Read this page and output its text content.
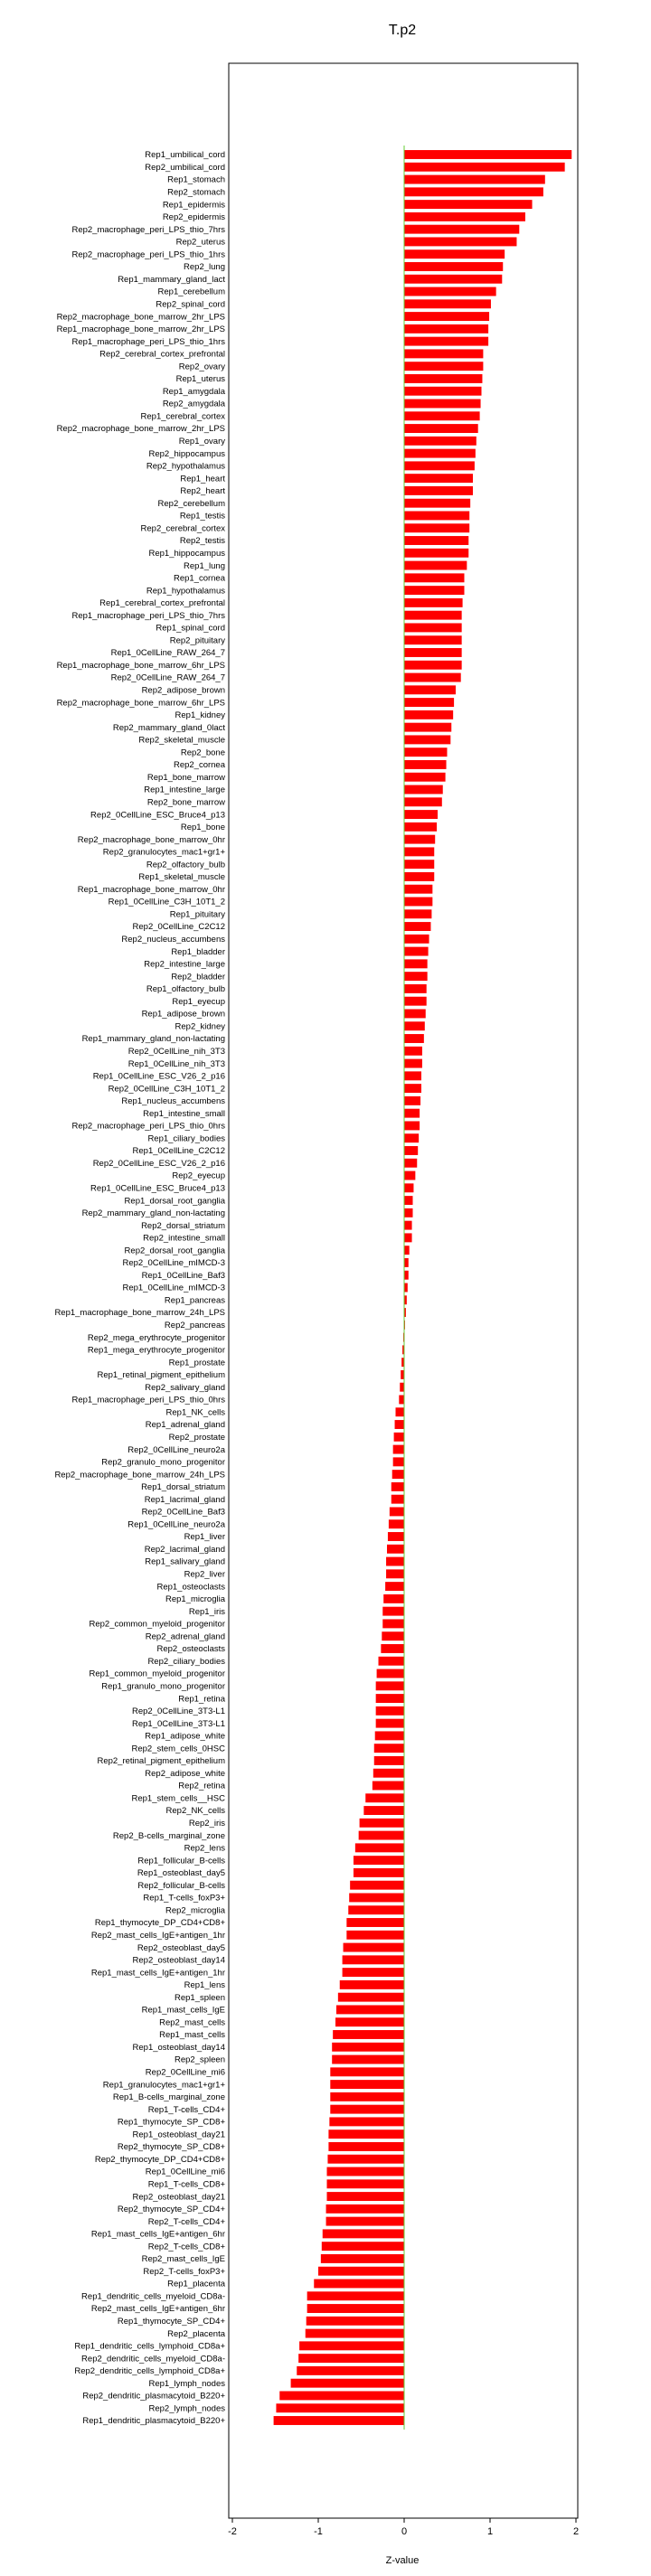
T.p2
Rep1_umbilical_cord
Rep2_umbilical_cord
Rep1_stomach
Rep2_stomach
Rep1_epidermis
Rep2_epidermis
Rep2_macrophage_peri_LPS_thio_7hrs
Rep2_uterus
Rep2_macrophage_peri_LPS_thio_1hrs
Rep2_lung
Rep1_mammary_gland_lact
Rep1_cerebellum
Rep2_spinal_cord
Rep2_macrophage_bone_marrow_2hr_LPS
Rep1_macrophage_bone_marrow_2hr_LPS
Rep1_macrophage_peri_LPS_thio_1hrs
Rep2_cerebral_cortex_prefrontal
Rep2_ovary
Rep1_uterus
Rep1_amygdala
Rep2_amygdala
Rep1_cerebral_cortex
Rep2_macrophage_bone_marrow_2hr_LPS
Rep1_ovary
Rep2_hippocampus
Rep2_hypothalamus
Rep1_heart
Rep2_heart
Rep2_cerebellum
Rep1_testis
Rep2_cerebral_cortex
Rep2_testis
Rep1_hippocampus
Rep1_lung
Rep1_cornea
Rep1_hypothalamus
Rep1_cerebral_cortex_prefrontal
Rep1_macrophage_peri_LPS_thio_7hrs
Rep1_spinal_cord
Rep2_pituitary
Rep1_0CellLine_RAW_264_7
Rep1_macrophage_bone_marrow_6hr_LPS
Rep2_0CellLine_RAW_264_7
Rep2_adipose_brown
Rep2_macrophage_bone_marrow_6hr_LPS
Rep1_kidney
Rep2_mammary_gland_0lact
Rep2_skeletal_muscle
Rep2_bone
Rep2_cornea
Rep1_bone_marrow
Rep1_intestine_large
Rep2_bone_marrow
Rep2_0CellLine_ESC_Bruce4_p13
Rep1_bone
Rep2_macrophage_bone_marrow_0hr
Rep2_granulocytes_mac1+gr1+
Rep2_olfactory_bulb
Rep1_skeletal_muscle
Rep1_macrophage_bone_marrow_0hr
Rep1_0CellLine_C3H_10T1_2
Rep1_pituitary
Rep2_0CellLine_C2C12
Rep2_nucleus_accumbens
Rep1_bladder
Rep2_intestine_large
Rep2_bladder
Rep1_olfactory_bulb
Rep1_eyecup
Rep1_adipose_brown
Rep2_kidney
Rep1_mammary_gland_non-lactating
Rep2_0CellLine_nih_3T3
Rep1_0CellLine_nih_3T3
Rep1_0CellLine_ESC_V26_2_p16
Rep2_0CellLine_C3H_10T1_2
Rep1_nucleus_accumbens
Rep1_intestine_small
Rep2_macrophage_peri_LPS_thio_0hrs
Rep1_ciliary_bodies
Rep1_0CellLine_C2C12
Rep2_0CellLine_ESC_V26_2_p16
Rep2_eyecup
Rep1_0CellLine_ESC_Bruce4_p13
Rep1_dorsal_root_ganglia
Rep2_mammary_gland_non-lactating
Rep2_dorsal_striatum
Rep2_intestine_small
Rep2_dorsal_root_ganglia
Rep2_0CellLine_mIMCD-3
Rep1_0CellLine_Baf3
Rep1_0CellLine_mIMCD-3
Rep1_pancreas
Rep1_macrophage_bone_marrow_24h_LPS
Rep2_pancreas
Rep2_mega_erythrocyte_progenitor
Rep1_mega_erythrocyte_progenitor
Rep1_prostate
Rep1_retinal_pigment_epithelium
Rep2_salivary_gland
Rep1_macrophage_peri_LPS_thio_0hrs
Rep1_NK_cells
Rep1_adrenal_gland
Rep2_prostate
Rep2_0CellLine_neuro2a
Rep2_granulo_mono_progenitor
Rep2_macrophage_bone_marrow_24h_LPS
Rep1_dorsal_striatum
Rep1_lacrimal_gland
Rep2_0CellLine_Baf3
Rep1_0CellLine_neuro2a
Rep1_liver
Rep2_lacrimal_gland
Rep1_salivary_gland
Rep2_liver
Rep1_osteoclasts
Rep1_microglia
Rep1_iris
Rep2_common_myeloid_progenitor
Rep2_adrenal_gland
Rep2_osteoclasts
Rep2_ciliary_bodies
Rep1_common_myeloid_progenitor
Rep1_granulo_mono_progenitor
Rep1_retina
Rep2_0CellLine_3T3-L1
Rep1_0CellLine_3T3-L1
Rep1_adipose_white
Rep2_stem_cells_0HSC
Rep2_retinal_pigment_epithelium
Rep2_adipose_white
Rep2_retina
Rep1_stem_cells__HSC
Rep2_NK_cells
Rep2_iris
Rep2_B-cells_marginal_zone
Rep2_lens
Rep1_follicular_B-cells
Rep1_osteoblast_day5
Rep2_follicular_B-cells
Rep1_T-cells_foxP3+
Rep2_microglia
Rep1_thymocyte_DP_CD4+CD8+
Rep2_mast_cells_IgE+antigen_1hr
Rep2_osteoblast_day5
Rep2_osteoblast_day14
Rep1_mast_cells_IgE+antigen_1hr
Rep1_lens
Rep1_spleen
Rep1_mast_cells_IgE
Rep2_mast_cells
Rep1_mast_cells
Rep1_osteoblast_day14
Rep2_spleen
Rep2_0CellLine_mi6
Rep1_granulocytes_mac1+gr1+
Rep1_B-cells_marginal_zone
Rep1_T-cells_CD4+
Rep1_thymocyte_SP_CD8+
Rep1_osteoblast_day21
Rep2_thymocyte_SP_CD8+
Rep2_thymocyte_DP_CD4+CD8+
Rep1_0CellLine_mi6
Rep1_T-cells_CD8+
Rep2_osteoblast_day21
Rep2_thymocyte_SP_CD4+
Rep2_T-cells_CD4+
Rep1_mast_cells_IgE+antigen_6hr
Rep2_T-cells_CD8+
Rep2_mast_cells_IgE
Rep2_T-cells_foxP3+
Rep1_placenta
Rep1_dendritic_cells_myeloid_CD8a-
Rep2_mast_cells_IgE+antigen_6hr
Rep1_thymocyte_SP_CD4+
Rep2_placenta
Rep1_dendritic_cells_lymphoid_CD8a+
Rep2_dendritic_cells_myeloid_CD8a-
Rep2_dendritic_cells_lymphoid_CD8a+
Rep1_lymph_nodes
Rep2_dendritic_plasmacytoid_B220+
Rep2_lymph_nodes
Rep1_dendritic_plasmacytoid_B220+
-2	-1	0	1	2
Z-value
